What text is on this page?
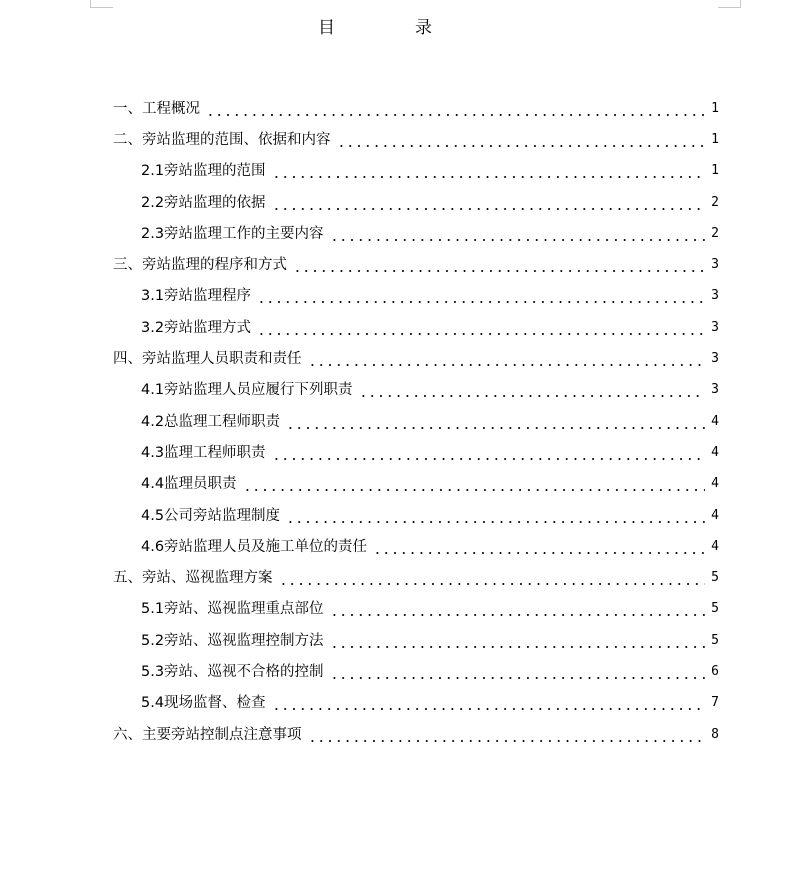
目录
一、工程概况	1
二、旁站监理的范围、依据和内容	1
2.1旁站监理的范围	1
2.2旁站监理的依据	2
2.3旁站监理工作的主要内容	2
三、旁站监理的程序和方式	3
3.1旁站监理程序	3
3.2旁站监理方式	3
四、旁站监理人员职责和责任	3
4.1旁站监理人员应履行下列职责	3
4.2总监理工程师职责	4
4.3监理工程师职责	4
4.4监理员职责	4
4.5公司旁站监理制度	4
4.6旁站监理人员及施工单位的责任	4
五、旁站、巡视监理方案	5
5.1旁站、巡视监理重点部位	5
5.2旁站、巡视监理控制方法	5
5.3旁站、巡视不合格的控制	6
5.4现场监督、检查	7
六、主要旁站控制点注意事项	8
